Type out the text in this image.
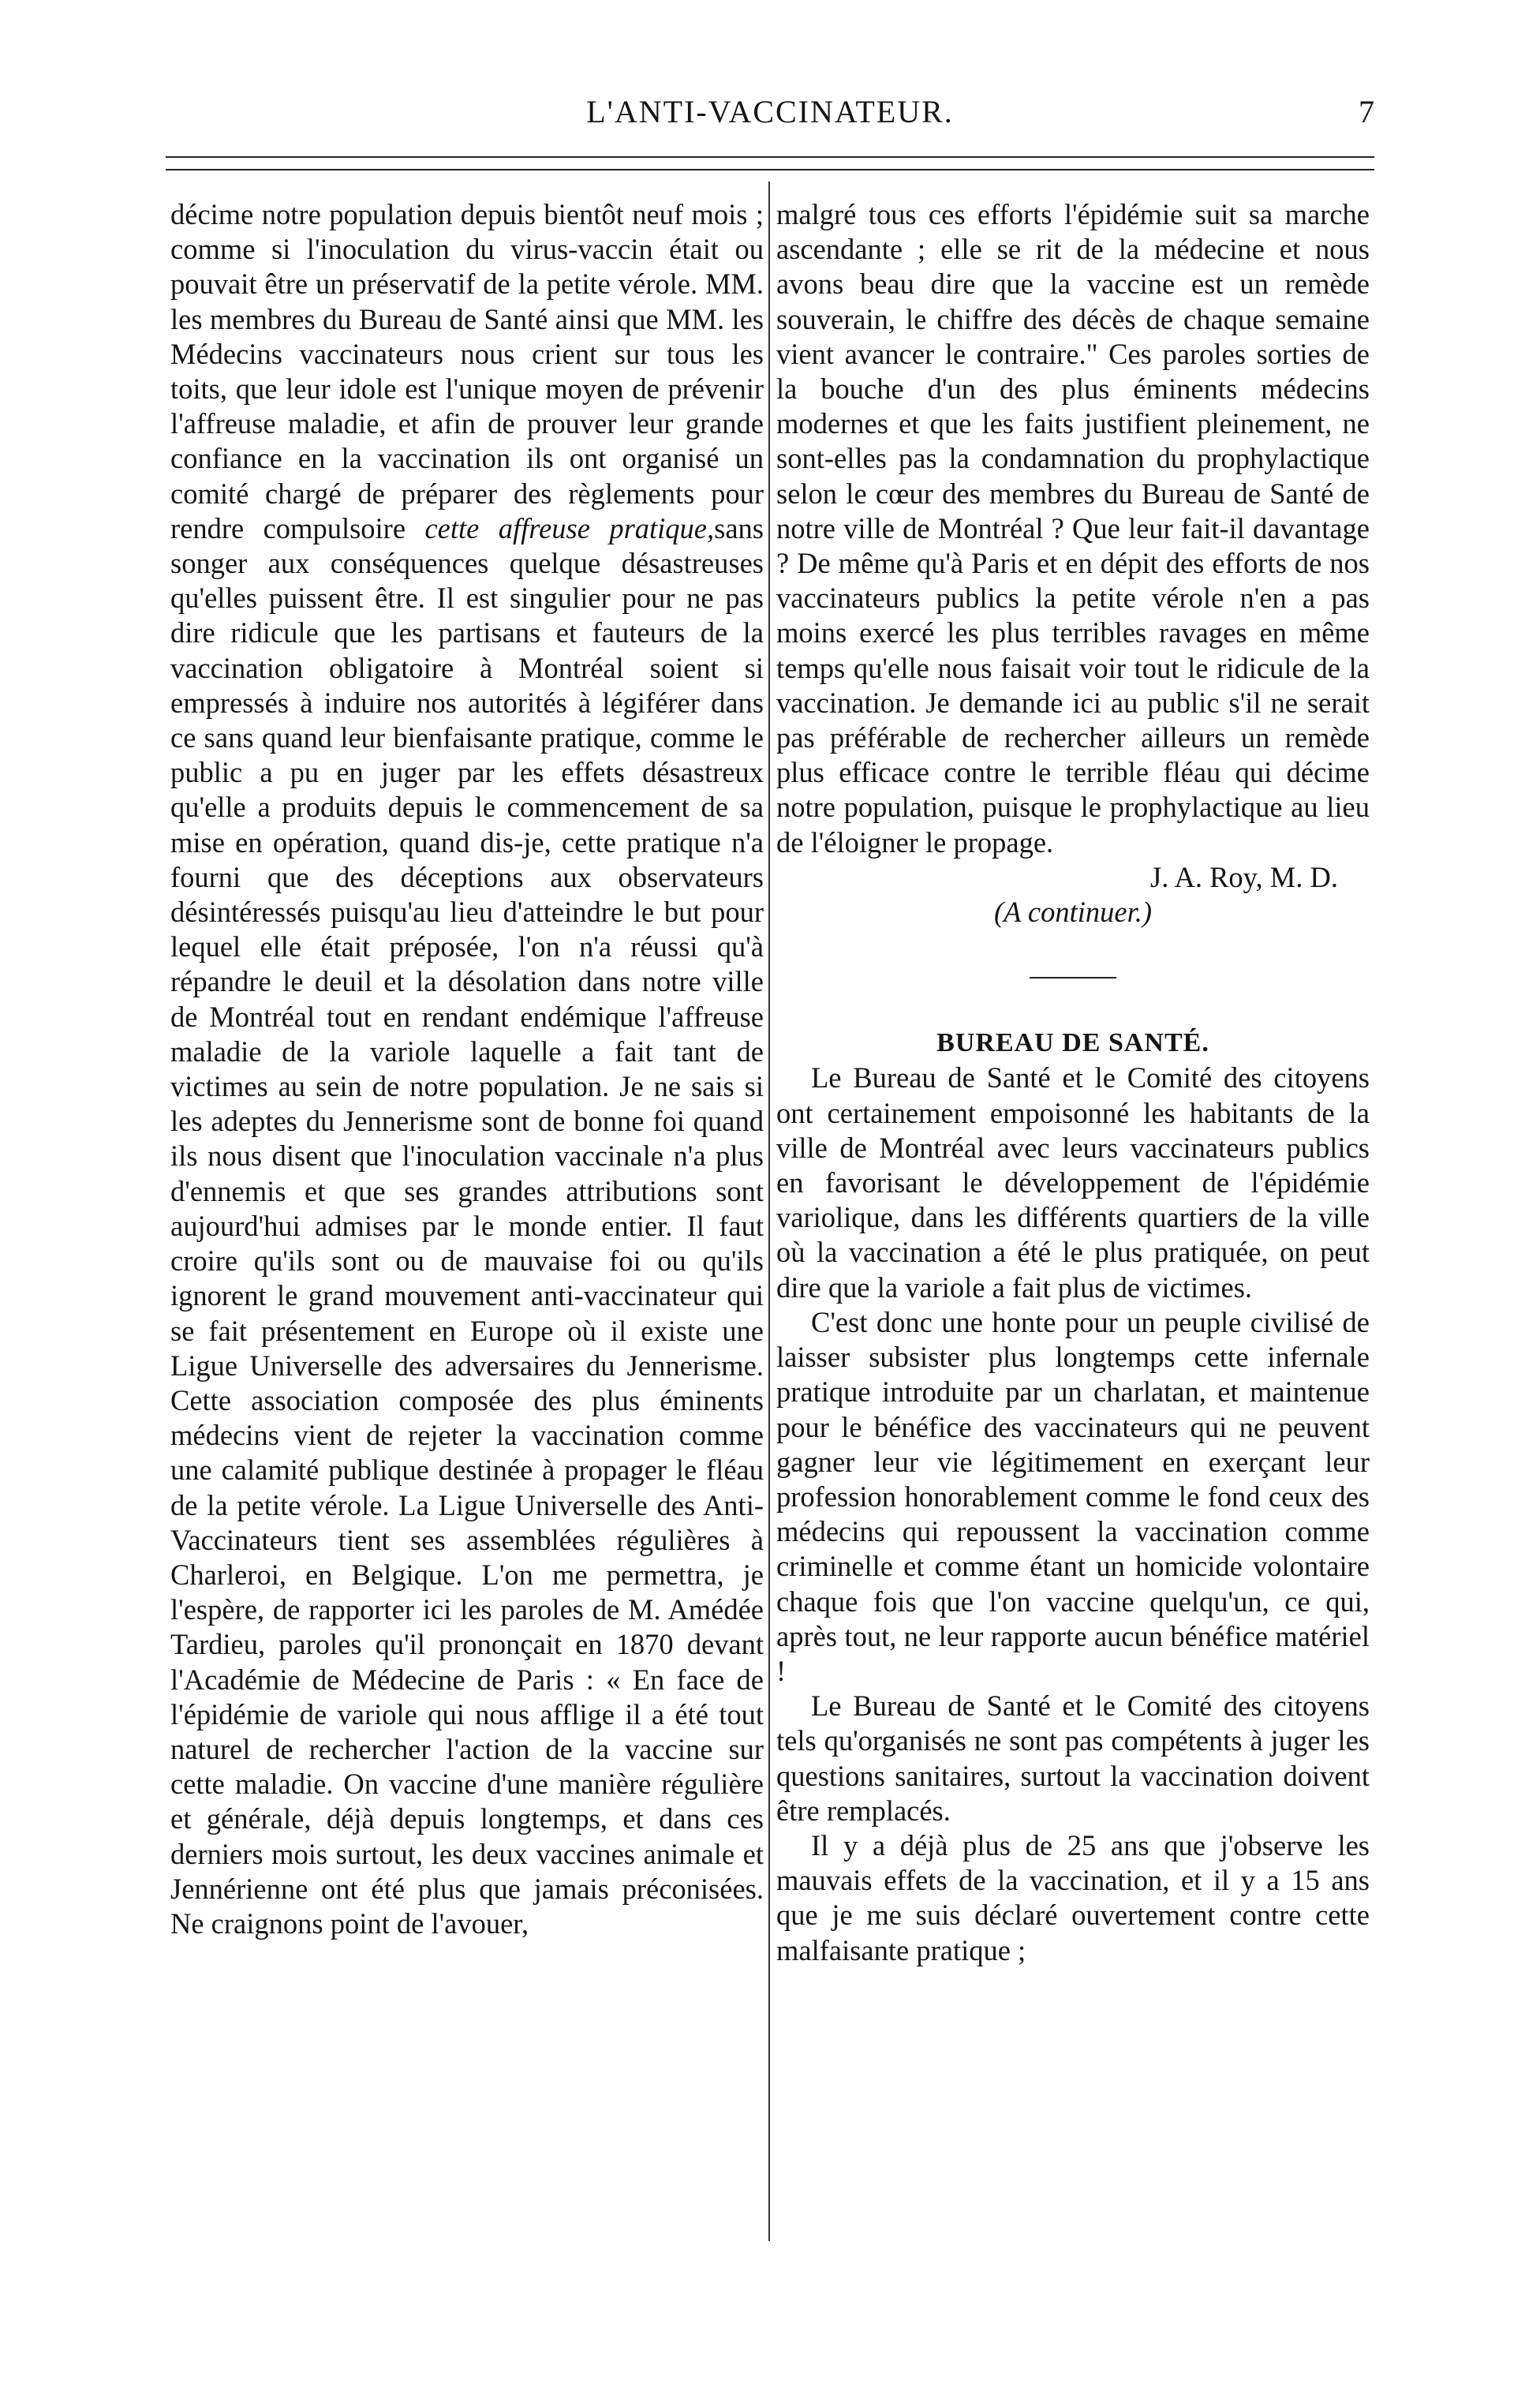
L'ANTI-VACCINATEUR.	7

décime notre population depuis bientôt neuf mois ; comme si l'inoculation du virus-vaccin était ou pouvait être un préservatif de la petite vérole. MM. les membres du Bureau de Santé ainsi que MM. les Médecins vaccinateurs nous crient sur tous les toits, que leur idole est l'unique moyen de prévenir l'affreuse maladie, et afin de prouver leur grande confiance en la vaccination ils ont organisé un comité chargé de préparer des règlements pour rendre compulsoire cette affreuse pratique,sans songer aux conséquences quelque désastreuses qu'elles puissent être. Il est singulier pour ne pas dire ridicule que les partisans et fauteurs de la vaccination obligatoire à Montréal soient si empressés à induire nos autorités à légiférer dans ce sans quand leur bienfaisante pratique, comme le public a pu en juger par les effets désastreux qu'elle a produits depuis le commencement de sa mise en opération, quand dis-je, cette pratique n'a fourni que des déceptions aux observateurs désintéressés puisqu'au lieu d'atteindre le but pour lequel elle était préposée, l'on n'a réussi qu'à répandre le deuil et la désolation dans notre ville de Montréal tout en rendant endémique l'affreuse maladie de la variole laquelle a fait tant de victimes au sein de notre population. Je ne sais si les adeptes du Jennerisme sont de bonne foi quand ils nous disent que l'inoculation vaccinale n'a plus d'ennemis et que ses grandes attributions sont aujourd'hui admises par le monde entier. Il faut croire qu'ils sont ou de mauvaise foi ou qu'ils ignorent le grand mouvement anti-vaccinateur qui se fait présentement en Europe où il existe une Ligue Universelle des adversaires du Jennerisme. Cette association composée des plus éminents médecins vient de rejeter la vaccination comme une calamité publique destinée à propager le fléau de la petite vérole. La Ligue Universelle des Anti-Vaccinateurs tient ses assemblées régulières à Charleroi, en Belgique. L'on me permettra, je l'espère, de rapporter ici les paroles de M. Amédée Tardieu, paroles qu'il prononçait en 1870 devant l'Académie de Médecine de Paris : « En face de l'épidémie de variole qui nous afflige il a été tout naturel de rechercher l'action de la vaccine sur cette maladie. On vaccine d'une manière régulière et générale, déjà depuis longtemps, et dans ces derniers mois surtout, les deux vaccines animale et Jennérienne ont été plus que jamais préconisées. Ne craignons point de l'avouer,

malgré tous ces efforts l'épidémie suit sa marche ascendante ; elle se rit de la médecine et nous avons beau dire que la vaccine est un remède souverain, le chiffre des décès de chaque semaine vient avancer le contraire." Ces paroles sorties de la bouche d'un des plus éminents médecins modernes et que les faits justifient pleinement, ne sont-elles pas la condamnation du prophylactique selon le cœur des membres du Bureau de Santé de notre ville de Montréal ? Que leur fait-il davantage ? De même qu'à Paris et en dépit des efforts de nos vaccinateurs publics la petite vérole n'en a pas moins exercé les plus terribles ravages en même temps qu'elle nous faisait voir tout le ridicule de la vaccination. Je demande ici au public s'il ne serait pas préférable de rechercher ailleurs un remède plus efficace contre le terrible fléau qui décime notre population, puisque le prophylactique au lieu de l'éloigner le propage.

J. A. Roy, M. D.

(A continuer.)

BUREAU DE SANTÉ.

Le Bureau de Santé et le Comité des citoyens ont certainement empoisonné les habitants de la ville de Montréal avec leurs vaccinateurs publics en favorisant le développement de l'épidémie variolique, dans les différents quartiers de la ville où la vaccination a été le plus pratiquée, on peut dire que la variole a fait plus de victimes.

C'est donc une honte pour un peuple civilisé de laisser subsister plus longtemps cette infernale pratique introduite par un charlatan, et maintenue pour le bénéfice des vaccinateurs qui ne peuvent gagner leur vie légitimement en exerçant leur profession honorablement comme le fond ceux des médecins qui repoussent la vaccination comme criminelle et comme étant un homicide volontaire chaque fois que l'on vaccine quelqu'un, ce qui, après tout, ne leur rapporte aucun bénéfice matériel !

Le Bureau de Santé et le Comité des citoyens tels qu'organisés ne sont pas compétents à juger les questions sanitaires, surtout la vaccination doivent être remplacés.

Il y a déjà plus de 25 ans que j'observe les mauvais effets de la vaccination, et il y a 15 ans que je me suis déclaré ouvertement contre cette malfaisante pratique ;
